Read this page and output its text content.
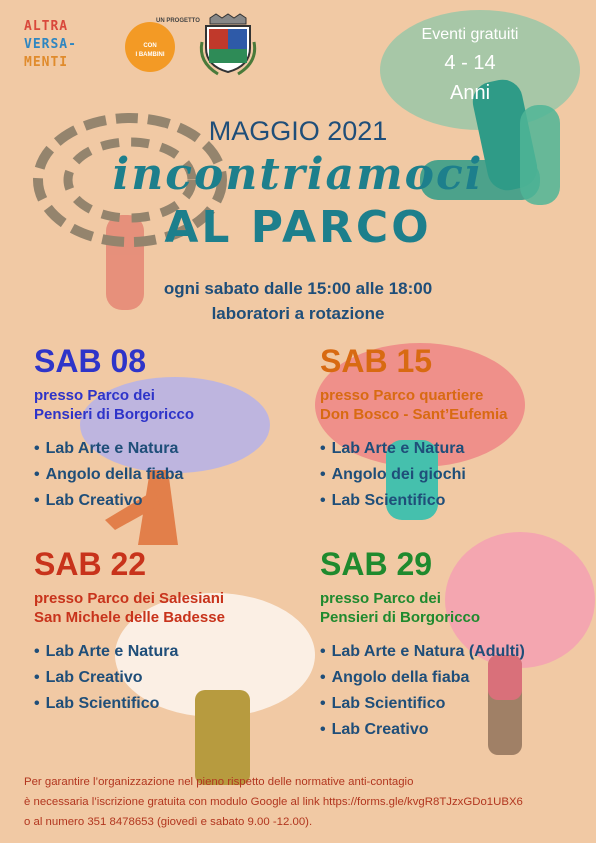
ALTRA
VERSA-
MENTI
UN PROGETTO
CON
I BAMBINI
Eventi gratuiti
4 - 14
Anni
MAGGIO 2021
incontriamoci
AL PARCO
ogni sabato dalle 15:00 alle 18:00
laboratori a rotazione
SAB 08
presso Parco dei
Pensieri di Borgoricco
• Lab Arte e Natura
• Angolo della fiaba
• Lab Creativo
SAB 15
presso Parco quartiere
Don Bosco - Sant’Eufemia
• Lab Arte e Natura
• Angolo dei giochi
• Lab Scientifico
SAB 22
presso Parco dei Salesiani
San Michele delle Badesse
• Lab Arte e Natura
• Lab Creativo
• Lab Scientifico
SAB 29
presso Parco dei
Pensieri di Borgoricco
• Lab Arte e Natura (Adulti)
• Angolo della fiaba
• Lab Scientifico
• Lab Creativo
Per garantire l’organizzazione nel pieno rispetto delle normative anti-contagio
è necessaria l’iscrizione gratuita con modulo Google al link https://forms.gle/kvgR8TJzxGDo1UBX6
o al numero 351 8478653 (giovedì e sabato 9.00 -12.00).
